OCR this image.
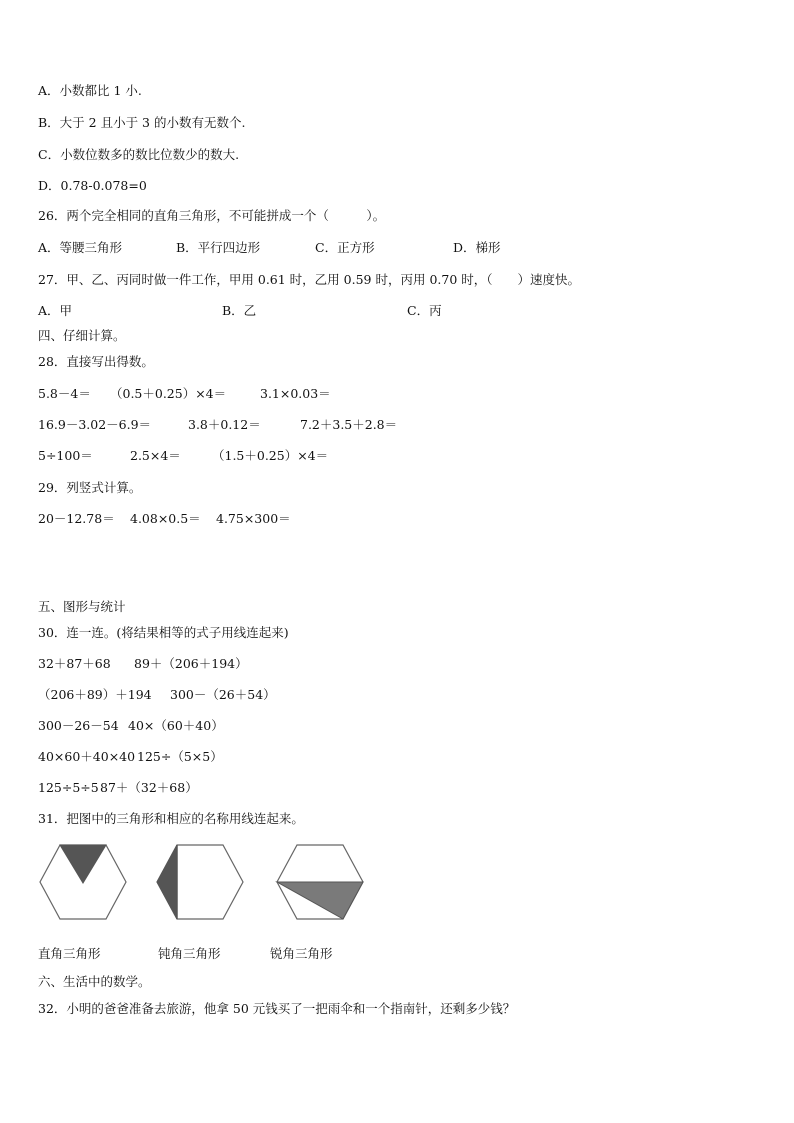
A．小数都比 1 小.
B．大于 2 且小于 3 的小数有无数个.
C．小数位数多的数比位数少的数大.
D．0.78-0.078=0
26．两个完全相同的直角三角形，不可能拼成一个（　　　）。
A．等腰三角形	B．平行四边形	C．正方形	D．梯形
27．甲、乙、丙同时做一件工作，甲用 0.61 时，乙用 0.59 时，丙用 0.70 时，（　　）速度快。
A．甲	B．乙	C．丙
四、仔细计算。
28．直接写出得数。
5.8－4＝ （0.5＋0.25）×4＝	3.1×0.03＝
16.9－3.02－6.9＝	3.8＋0.12＝	7.2＋3.5＋2.8＝
5÷100＝	2.5×4＝ （1.5＋0.25）×4＝
29．列竖式计算。
20－12.78＝ 4.08×0.5＝ 4.75×300＝
五、图形与统计
30．连一连。(将结果相等的式子用线连起来)
32＋87＋68 89＋（206＋194）
（206＋89）＋194 300－（26＋54）
300－26－54 40×（60＋40）
40×60＋40×40 125÷（5×5）
125÷5÷5 87＋（32＋68）
31．把图中的三角形和相应的名称用线连起来。
直角三角形	钝角三角形	锐角三角形
六、生活中的数学。
32．小明的爸爸准备去旅游，他拿 50 元钱买了一把雨伞和一个指南针，还剩多少钱？
